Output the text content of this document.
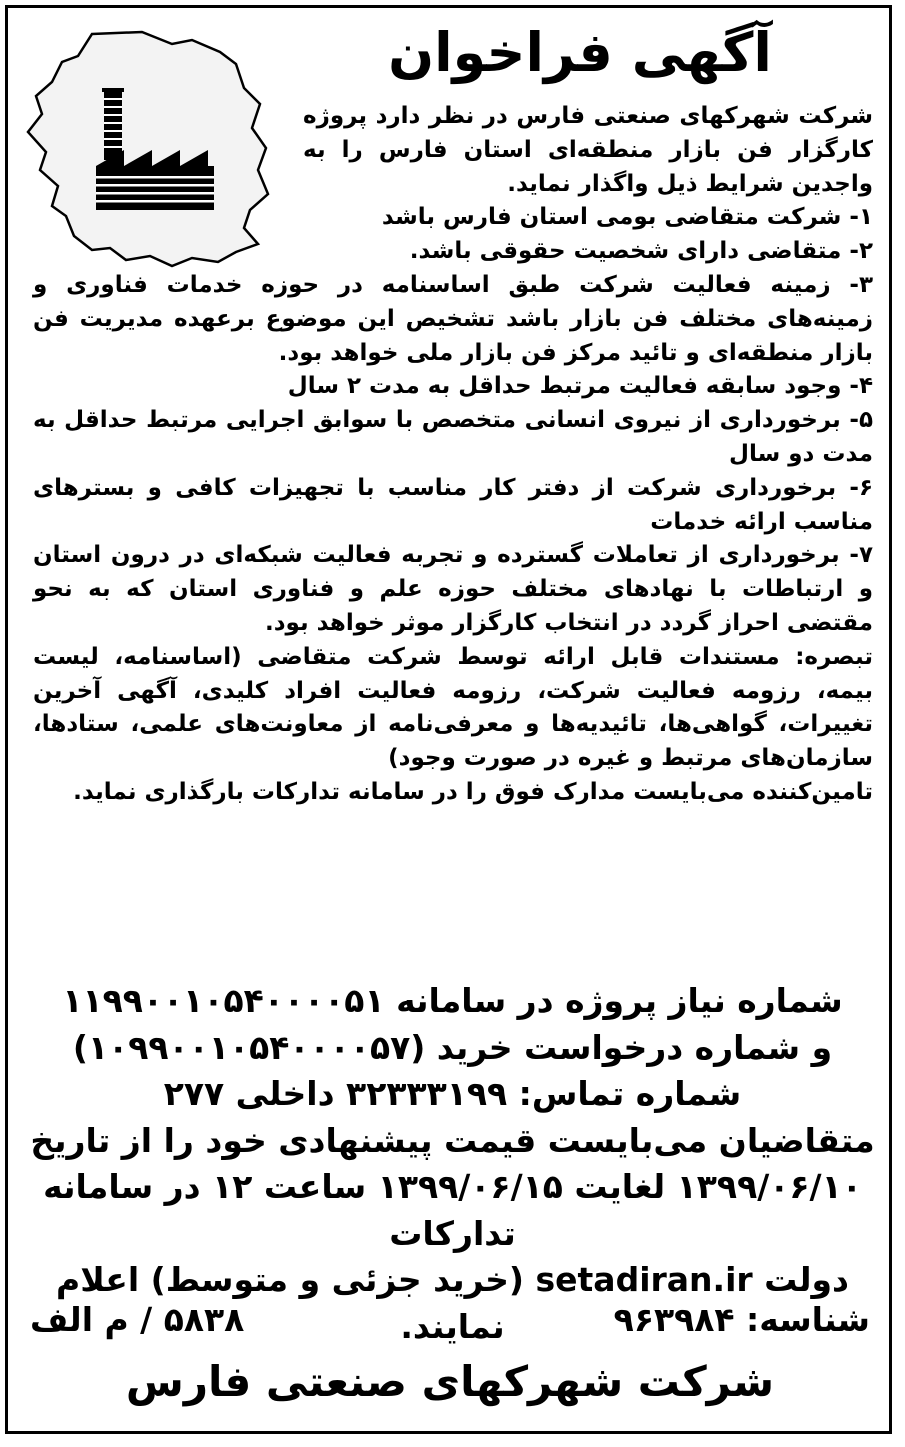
آگهی فراخوان

شرکت شهرکهای صنعتی فارس در نظر دارد پروژه کارگزار فن بازار منطقه‌ای استان فارس را به واجدین شرایط ذیل واگذار نماید.

۱- شرکت متقاضی بومی استان فارس باشد

۲- متقاضی دارای شخصیت حقوقی باشد.

۳- زمینه فعالیت شرکت طبق اساسنامه در حوزه خدمات فناوری و زمینه‌های مختلف فن بازار باشد تشخیص این موضوع برعهده مدیریت فن بازار منطقه‌ای و تائید مرکز فن بازار ملی خواهد بود.

۴- وجود سابقه فعالیت مرتبط حداقل به مدت ۲ سال

۵- برخورداری از نیروی انسانی متخصص با سوابق اجرایی مرتبط حداقل به مدت دو سال

۶- برخورداری شرکت از دفتر کار مناسب با تجهیزات کافی و بسترهای مناسب ارائه خدمات

۷- برخورداری از تعاملات گسترده و تجربه فعالیت شبکه‌ای در درون استان و ارتباطات با نهادهای مختلف حوزه علم و فناوری استان که به نحو مقتضی احراز گردد در انتخاب کارگزار موثر خواهد بود.

تبصره: مستندات قابل ارائه توسط شرکت متقاضی (اساسنامه، لیست بیمه، رزومه فعالیت شرکت، رزومه فعالیت افراد کلیدی، آگهی آخرین تغییرات، گواهی‌ها، تائیدیه‌ها و معرفی‌نامه از معاونت‌های علمی، ستادها، سازمان‌های مرتبط و غیره در صورت وجود)

تامین‌کننده می‌بایست مدارک فوق را در سامانه تدارکات بارگذاری نماید.

شماره نیاز پروژه در سامانه ۱۱۹۹۰۰۱۰۵۴۰۰۰۰۵۱

و شماره درخواست خرید (۱۰۹۹۰۰۱۰۵۴۰۰۰۰۵۷)

شماره تماس: ۳۲۳۳۳۱۹۹ داخلی ۲۷۷

متقاضیان می‌بایست قیمت پیشنهادی خود را از تاریخ

۱۳۹۹/۰۶/۱۰ لغایت ۱۳۹۹/۰۶/۱۵ ساعت ۱۲ در سامانه تدارکات

دولت setadiran.ir (خرید جزئی و متوسط) اعلام نمایند.	شناسه: ۹۶۳۹۸۴
۵۸۳۸ / م الف
شرکت شهرکهای صنعتی فارس
